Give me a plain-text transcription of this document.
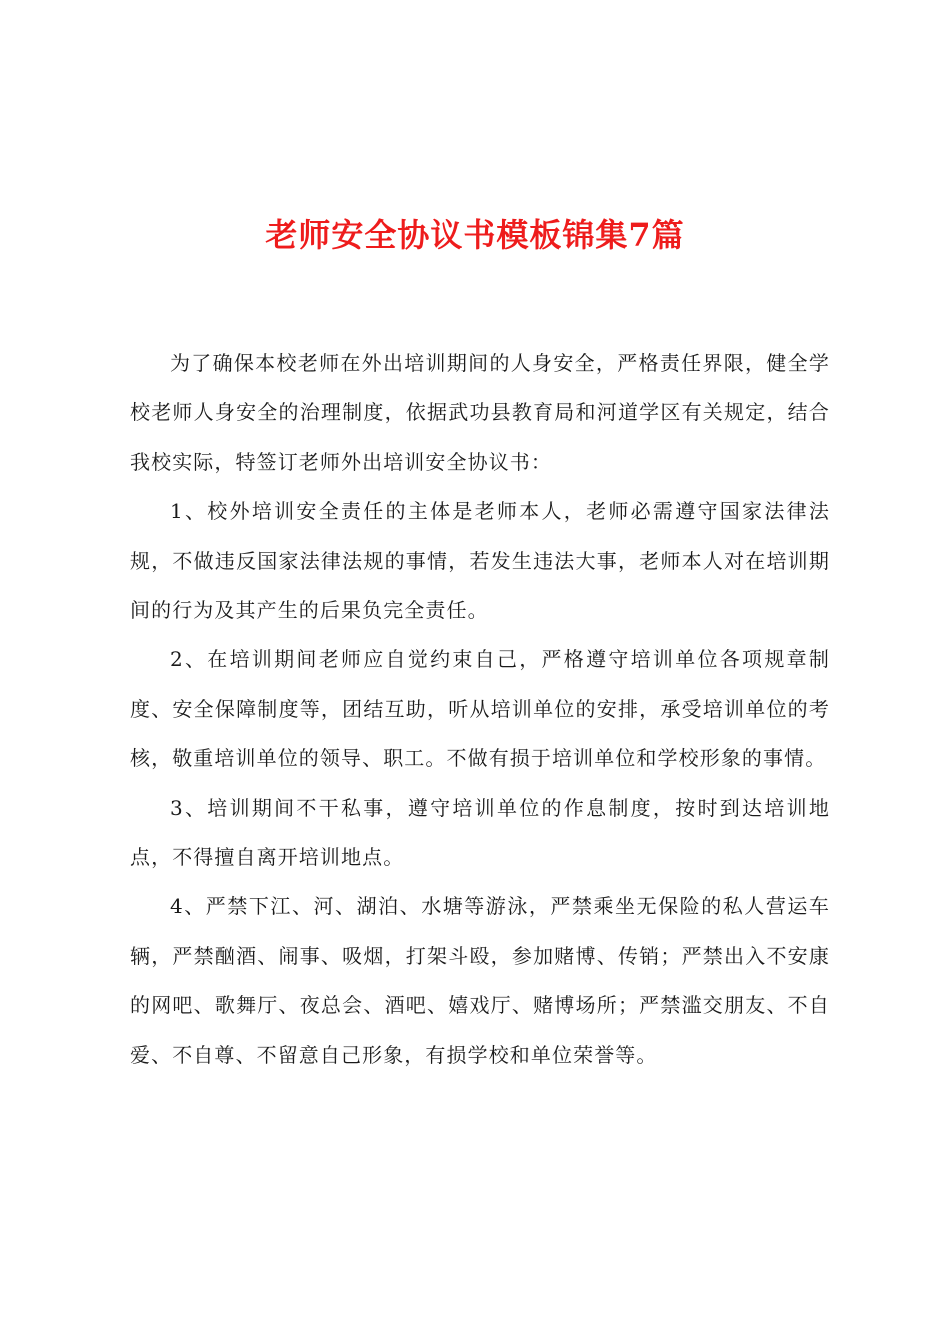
老师安全协议书模板锦集7篇

为了确保本校老师在外出培训期间的人身安全，严格责任界限，健全学校老师人身安全的治理制度，依据武功县教育局和河道学区有关规定，结合我校实际，特签订老师外出培训安全协议书：

1、校外培训安全责任的主体是老师本人，老师必需遵守国家法律法规，不做违反国家法律法规的事情，若发生违法大事，老师本人对在培训期间的行为及其产生的后果负完全责任。

2、在培训期间老师应自觉约束自己，严格遵守培训单位各项规章制度、安全保障制度等，团结互助，听从培训单位的安排，承受培训单位的考核，敬重培训单位的领导、职工。不做有损于培训单位和学校形象的事情。

3、培训期间不干私事，遵守培训单位的作息制度，按时到达培训地点，不得擅自离开培训地点。

4、严禁下江、河、湖泊、水塘等游泳，严禁乘坐无保险的私人营运车辆，严禁酗酒、闹事、吸烟，打架斗殴，参加赌博、传销；严禁出入不安康的网吧、歌舞厅、夜总会、酒吧、嬉戏厅、赌博场所；严禁滥交朋友、不自爱、不自尊、不留意自己形象，有损学校和单位荣誉等。
